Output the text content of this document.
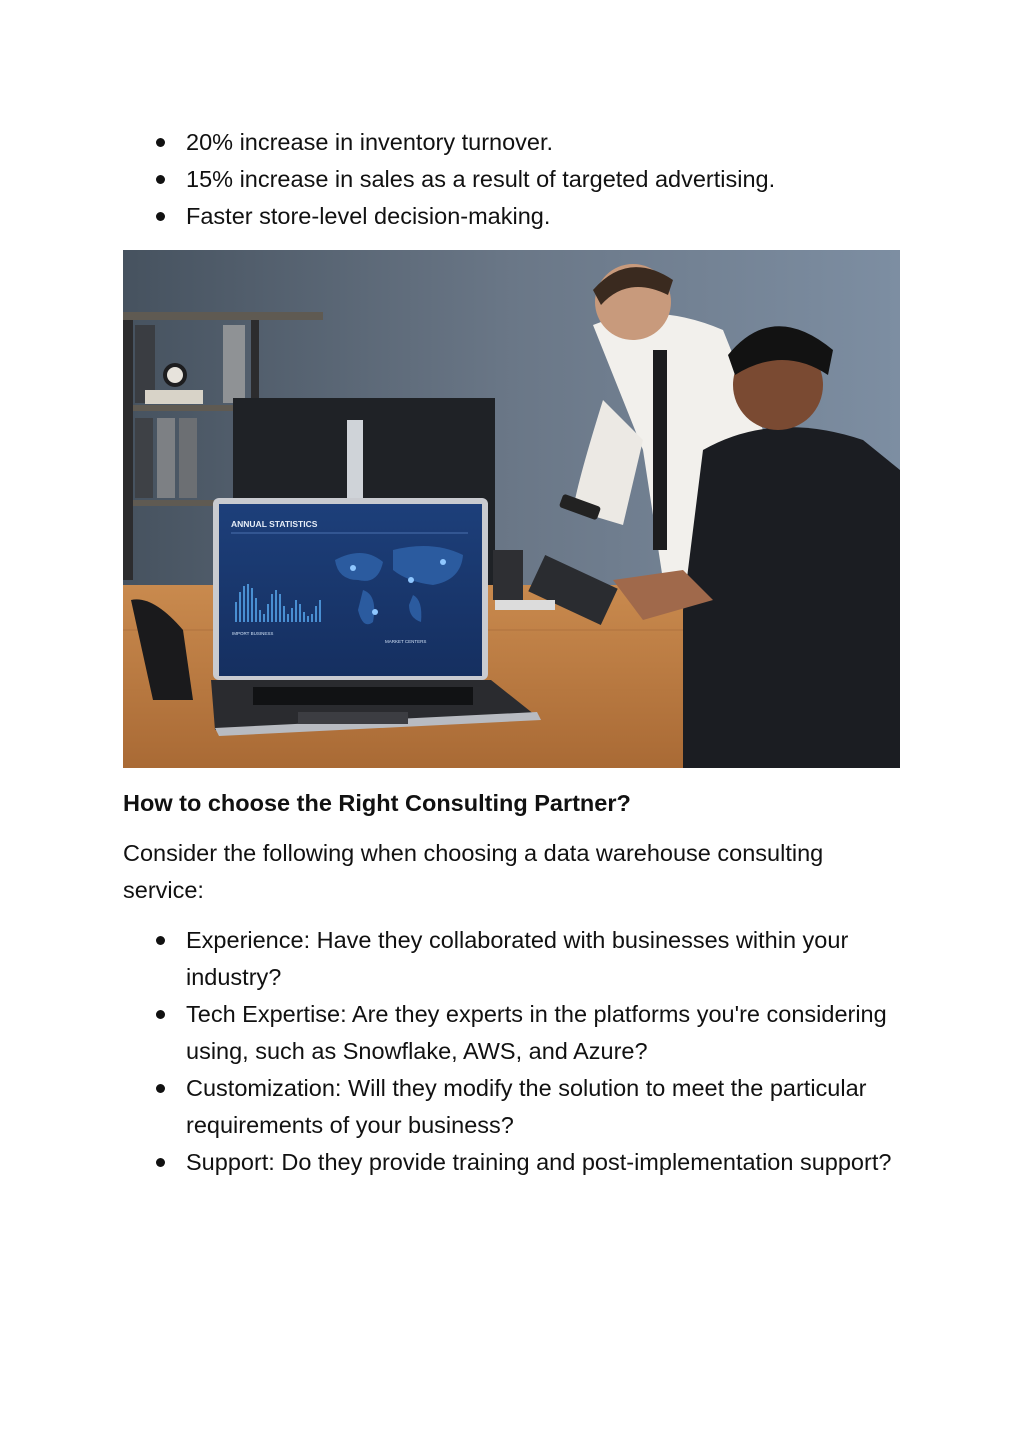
20% increase in inventory turnover.
15% increase in sales as a result of targeted advertising.
Faster store-level decision-making.
ANNUAL STATISTICS
IMPORT BUSINESS
MARKET CENTERS
How to choose the Right Consulting Partner?
Consider the following when choosing a data warehouse consulting service:
Experience: Have they collaborated with businesses within your industry?
Tech Expertise: Are they experts in the platforms you're considering using, such as Snowflake, AWS, and Azure?
Customization: Will they modify the solution to meet the particular requirements of your business?
Support: Do they provide training and post-implementation support?
